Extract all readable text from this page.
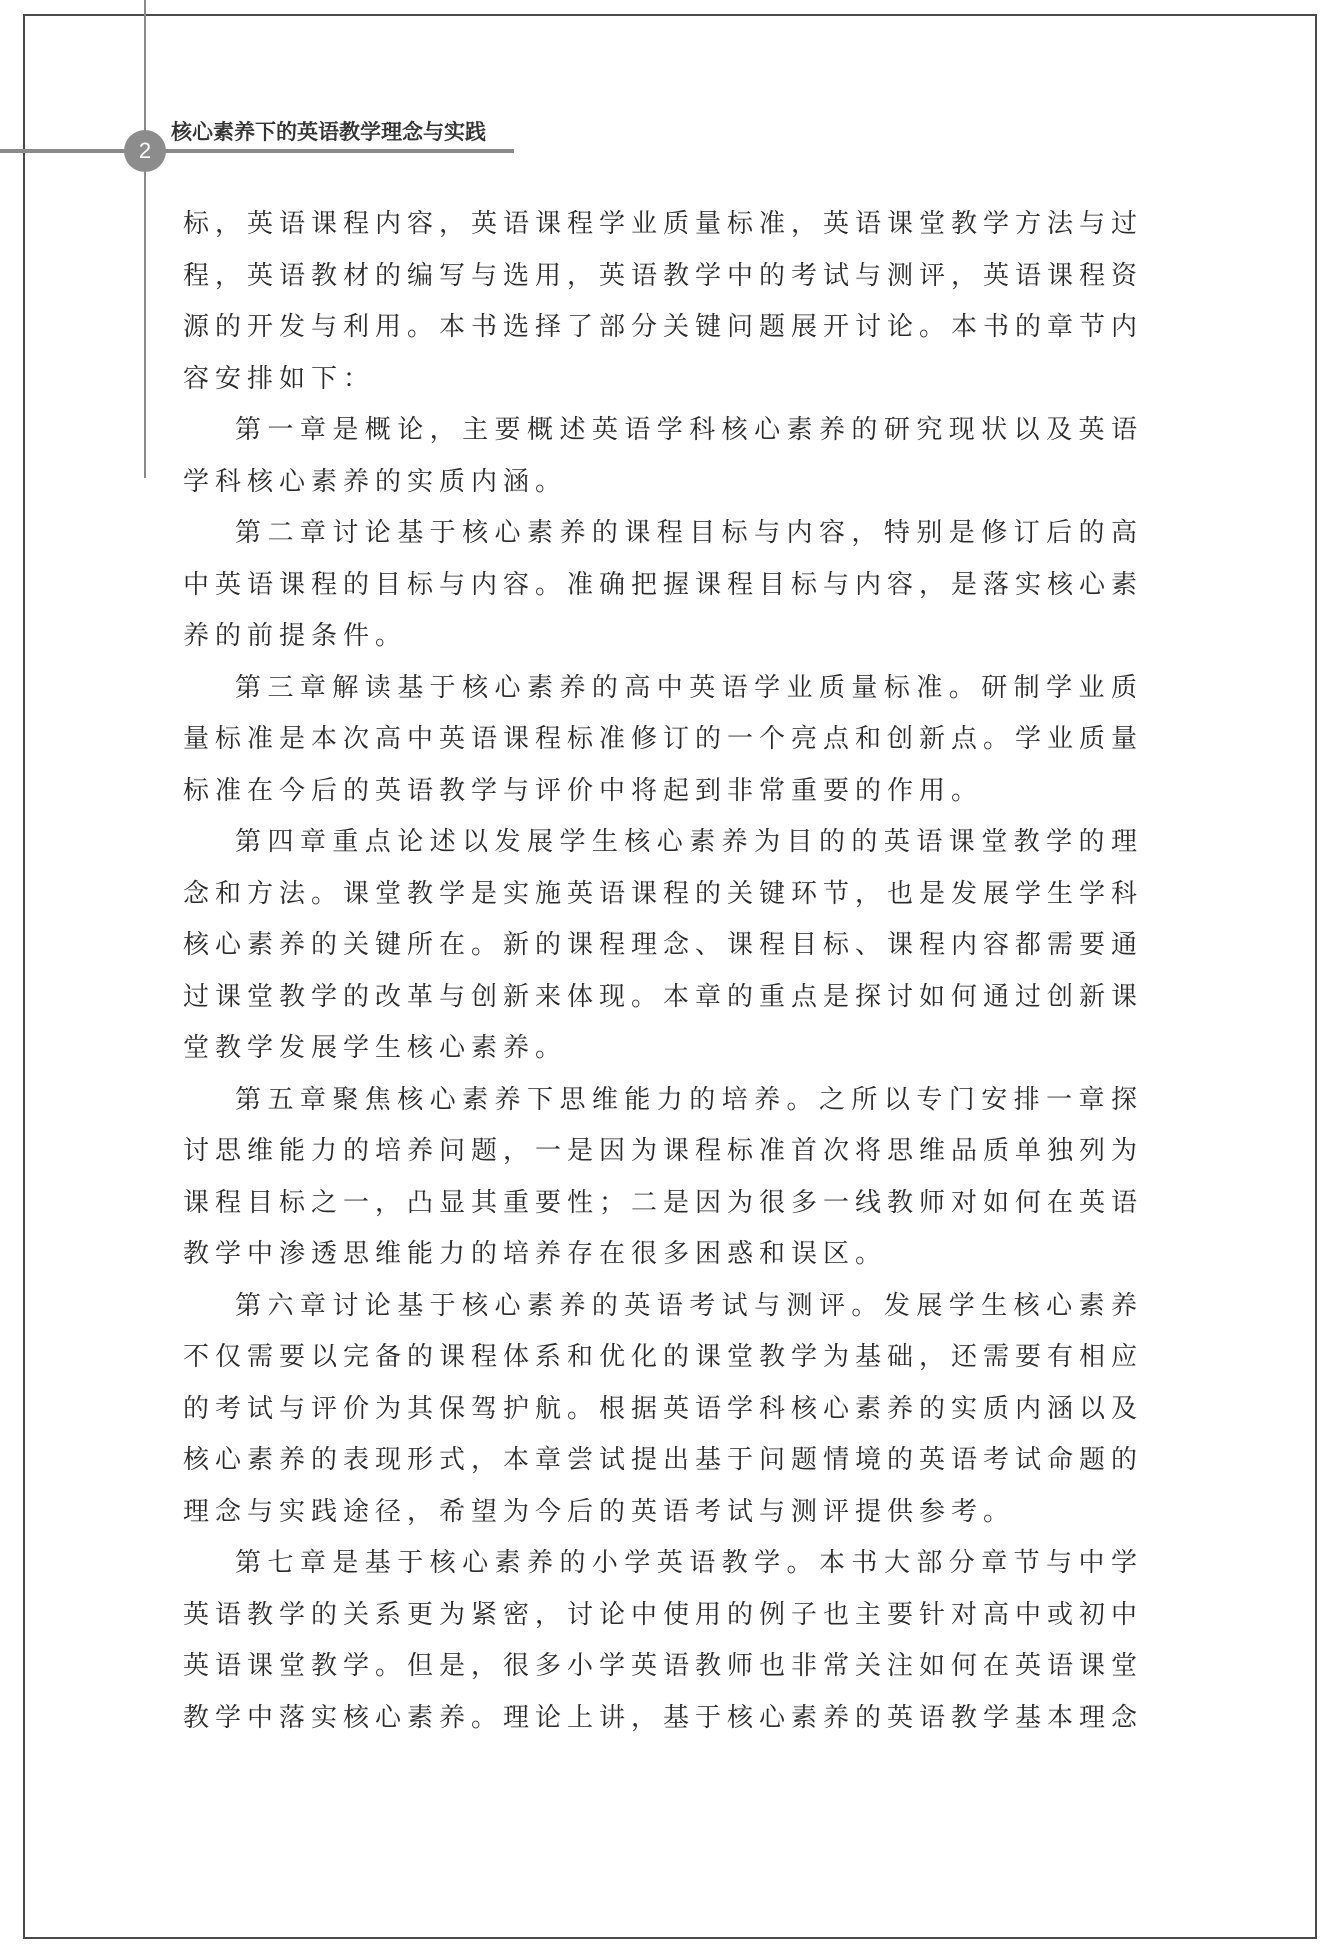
2
核心素养下的英语教学理念与实践

标，英语课程内容，英语课程学业质量标准，英语课堂教学方法与过程，英语教材的编写与选用，英语教学中的考试与测评，英语课程资源的开发与利用。本书选择了部分关键问题展开讨论。本书的章节内容安排如下：

第一章是概论，主要概述英语学科核心素养的研究现状以及英语学科核心素养的实质内涵。

第二章讨论基于核心素养的课程目标与内容，特别是修订后的高中英语课程的目标与内容。准确把握课程目标与内容，是落实核心素养的前提条件。

第三章解读基于核心素养的高中英语学业质量标准。研制学业质量标准是本次高中英语课程标准修订的一个亮点和创新点。学业质量标准在今后的英语教学与评价中将起到非常重要的作用。

第四章重点论述以发展学生核心素养为目的的英语课堂教学的理念和方法。课堂教学是实施英语课程的关键环节，也是发展学生学科核心素养的关键所在。新的课程理念、课程目标、课程内容都需要通过课堂教学的改革与创新来体现。本章的重点是探讨如何通过创新课堂教学发展学生核心素养。

第五章聚焦核心素养下思维能力的培养。之所以专门安排一章探讨思维能力的培养问题，一是因为课程标准首次将思维品质单独列为课程目标之一，凸显其重要性；二是因为很多一线教师对如何在英语教学中渗透思维能力的培养存在很多困惑和误区。

第六章讨论基于核心素养的英语考试与测评。发展学生核心素养不仅需要以完备的课程体系和优化的课堂教学为基础，还需要有相应的考试与评价为其保驾护航。根据英语学科核心素养的实质内涵以及核心素养的表现形式，本章尝试提出基于问题情境的英语考试命题的理念与实践途径，希望为今后的英语考试与测评提供参考。

第七章是基于核心素养的小学英语教学。本书大部分章节与中学英语教学的关系更为紧密，讨论中使用的例子也主要针对高中或初中英语课堂教学。但是，很多小学英语教师也非常关注如何在英语课堂教学中落实核心素养。理论上讲，基于核心素养的英语教学基本理念
